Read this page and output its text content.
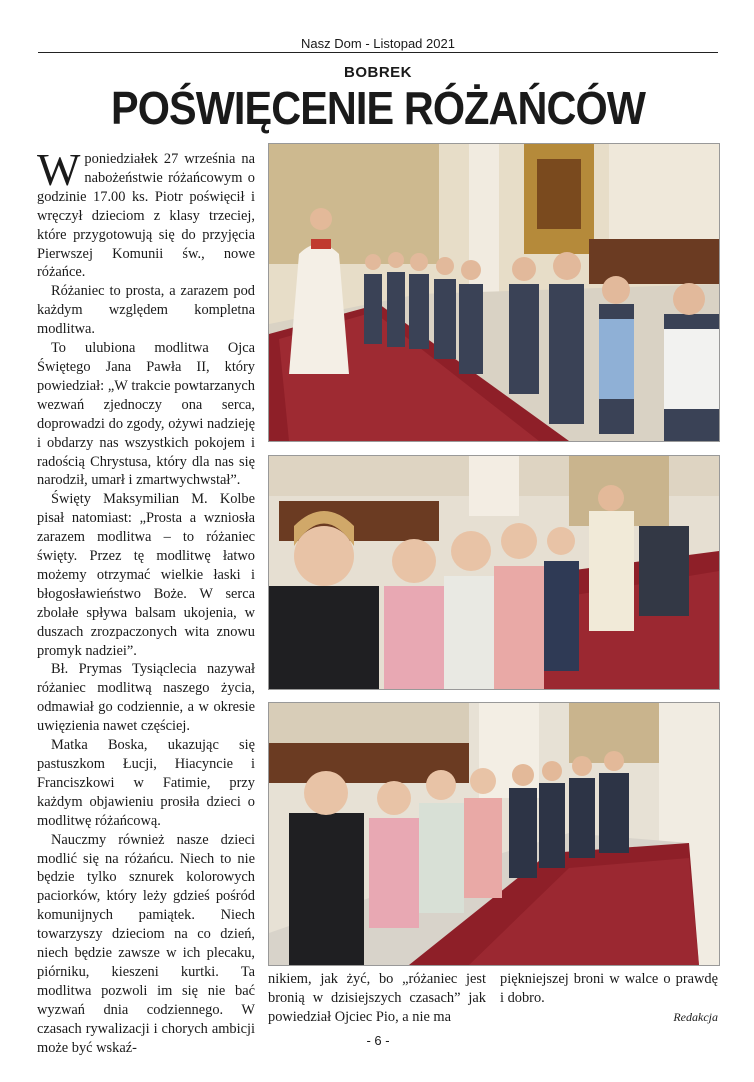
Nasz Dom - Listopad 2021
BOBREK
POŚWIĘCENIE RÓŻAŃCÓW

W poniedziałek 27 września na nabożeństwie różańcowym o godzinie 17.00 ks. Piotr poświęcił i wręczył dzieciom z klasy trzeciej, które przygotowują się do przyjęcia Pierwszej Komunii św., nowe różańce.

Różaniec to prosta, a zarazem pod każdym względem kompletna modlitwa.

To ulubiona modlitwa Ojca Świętego Jana Pawła II, który powiedział: „W trakcie powtarzanych wezwań zjednoczy ona serca, doprowadzi do zgody, ożywi nadzieję i obdarzy nas wszystkich pokojem i radością Chrystusa, który dla nas się narodził, umarł i zmartwychwstał”.

Święty Maksymilian M. Kolbe pisał natomiast: „Prosta a wzniosła zarazem modlitwa – to różaniec święty. Przez tę modlitwę łatwo możemy otrzymać wielkie łaski i błogosławieństwo Boże. W serca zbolałe spływa balsam ukojenia, w duszach zrozpaczonych wita znowu promyk nadziei”.

Bł. Prymas Tysiąclecia nazywał różaniec modlitwą naszego życia, odmawiał go codziennie, a w okresie uwięzienia nawet częściej.

Matka Boska, ukazując się pastuszkom Łucji, Hiacyncie i Franciszkowi w Fatimie, przy każdym objawieniu prosiła dzieci o modlitwę różańcową.

Nauczmy również nasze dzieci modlić się na różańcu. Niech to nie będzie tylko sznurek kolorowych paciorków, który leży gdzieś pośród komunijnych pamiątek. Niech towarzyszy dzieciom na co dzień, niech będzie zawsze w ich plecaku, piórniku, kieszeni kurtki. Ta modlitwa pozwoli im się nie bać wyzwań dnia codziennego. W czasach rywalizacji i chorych ambicji może być wskaź-

nikiem, jak żyć, bo „różaniec jest bronią w dzisiejszych czasach” jak powiedział Ojciec Pio, a nie ma
piękniejszej broni w walce o prawdę i dobro.
Redakcja
- 6 -
